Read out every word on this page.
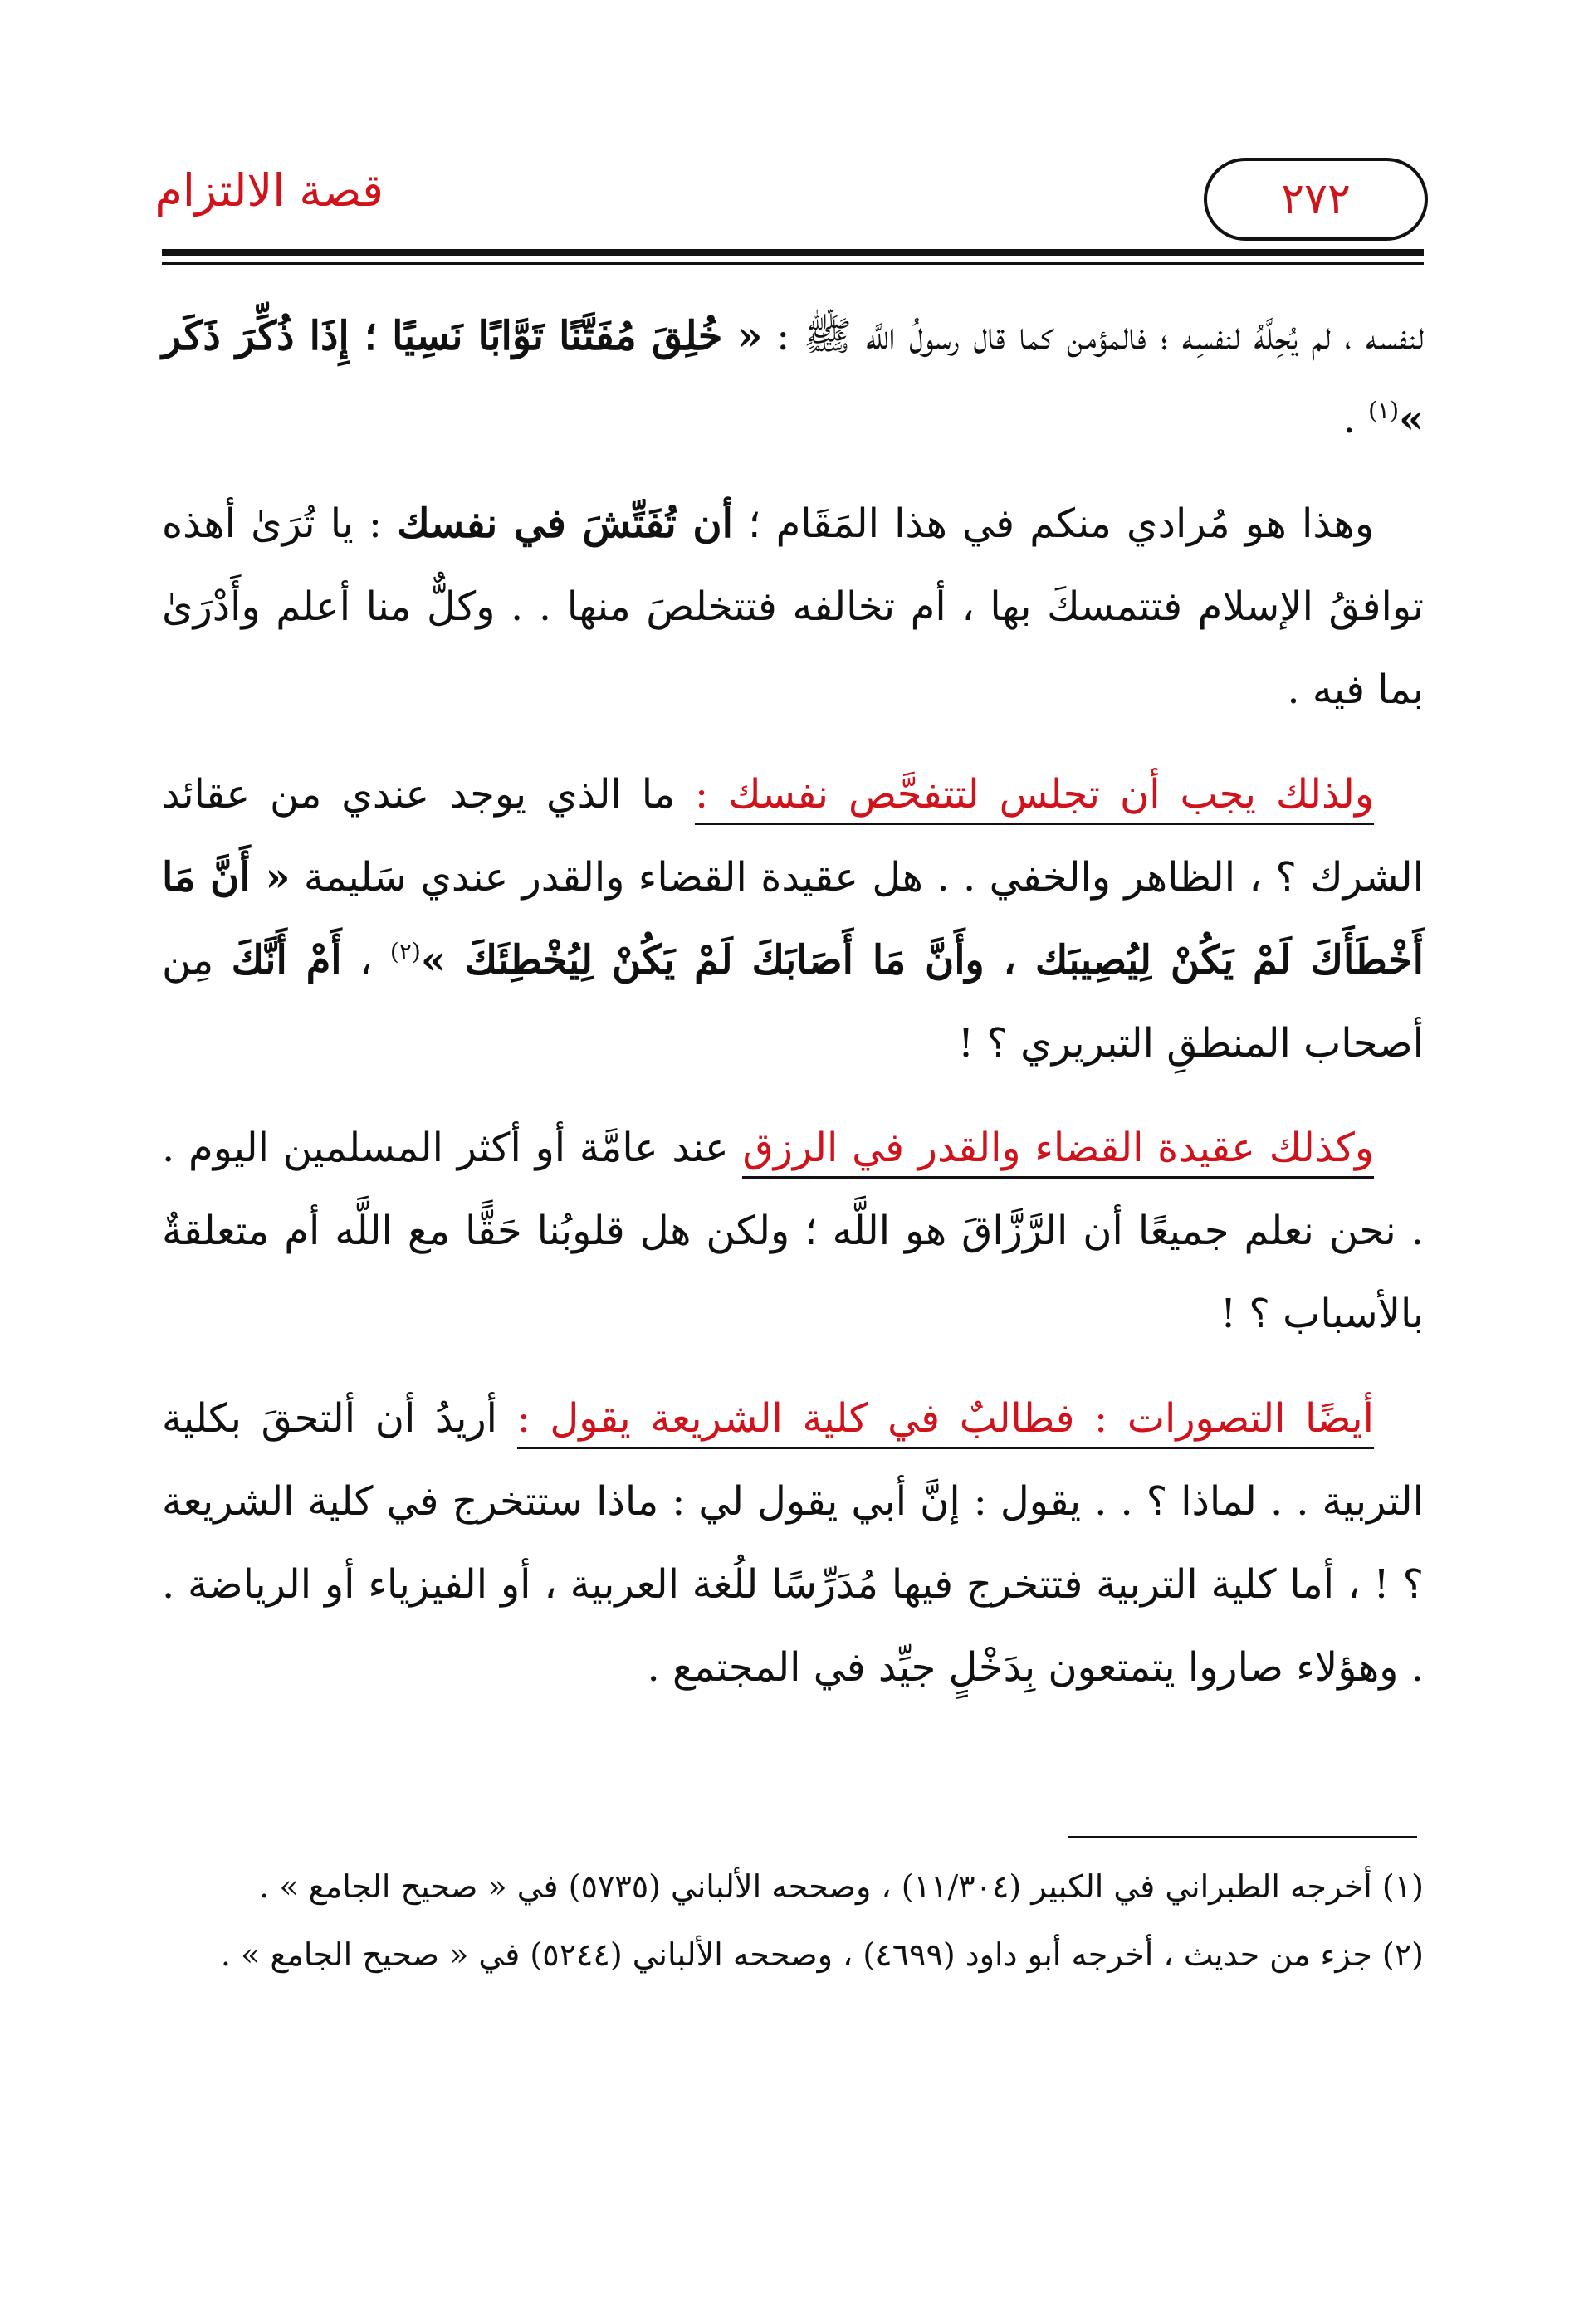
قصة الالتزام	٢٧٢

لنفسه ، لم يُحِلَّهُ لنفسِه ؛ فالمؤمن كما قال رسولُ اللَّه ﷺ : « خُلِقَ مُفَتَّنًا تَوَّابًا نَسِيًا ؛ إِذَا ذُكِّرَ ذَكَر »$^{(١)}$ .

وهذا هو مُرادي منكم في هذا المَقَام ؛ أن تُفَتِّشَ في نفسك : يا تُرَىٰ أهذه توافقُ الإسلام فتتمسكَ بها ، أم تخالفه فتتخلصَ منها . . وكلٌّ منا أعلم وأَدْرَىٰ بما فيه .

ولذلك يجب أن تجلس لتتفحَّص نفسك : ما الذي يوجد عندي من عقائد الشرك ؟ ، الظاهر والخفي . . هل عقيدة القضاء والقدر عندي سَليمة « أَنَّ مَا أَخْطَأَكَ لَمْ يَكُنْ لِيُصِيبَك ، وأَنَّ مَا أَصَابَكَ لَمْ يَكُنْ لِيُخْطِئَكَ »$^{(٢)}$ ، أَمْ أَنَّكَ مِن أصحاب المنطقِ التبريري ؟ !

وكذلك عقيدة القضاء والقدر في الرزق عند عامَّة أو أكثر المسلمين اليوم . . نحن نعلم جميعًا أن الرَّزَّاقَ هو اللَّه ؛ ولكن هل قلوبُنا حَقًّا مع اللَّه أم متعلقةٌ بالأسباب ؟ !

أيضًا التصورات : فطالبٌ في كلية الشريعة يقول : أريدُ أن ألتحقَ بكلية التربية . . لماذا ؟ . . يقول : إنَّ أبي يقول لي : ماذا ستتخرج في كلية الشريعة ؟ ! ، أما كلية التربية فتتخرج فيها مُدَرِّسًا للُغة العربية ، أو الفيزياء أو الرياضة . . وهؤلاء صاروا يتمتعون بِدَخْلٍ جيِّد في المجتمع .

(١) أخرجه الطبراني في الكبير (١١/٣٠٤) ، وصححه الألباني (٥٧٣٥) في « صحيح الجامع » .

(٢) جزء من حديث ، أخرجه أبو داود (٤٦٩٩) ، وصححه الألباني (٥٢٤٤) في « صحيح الجامع » .
